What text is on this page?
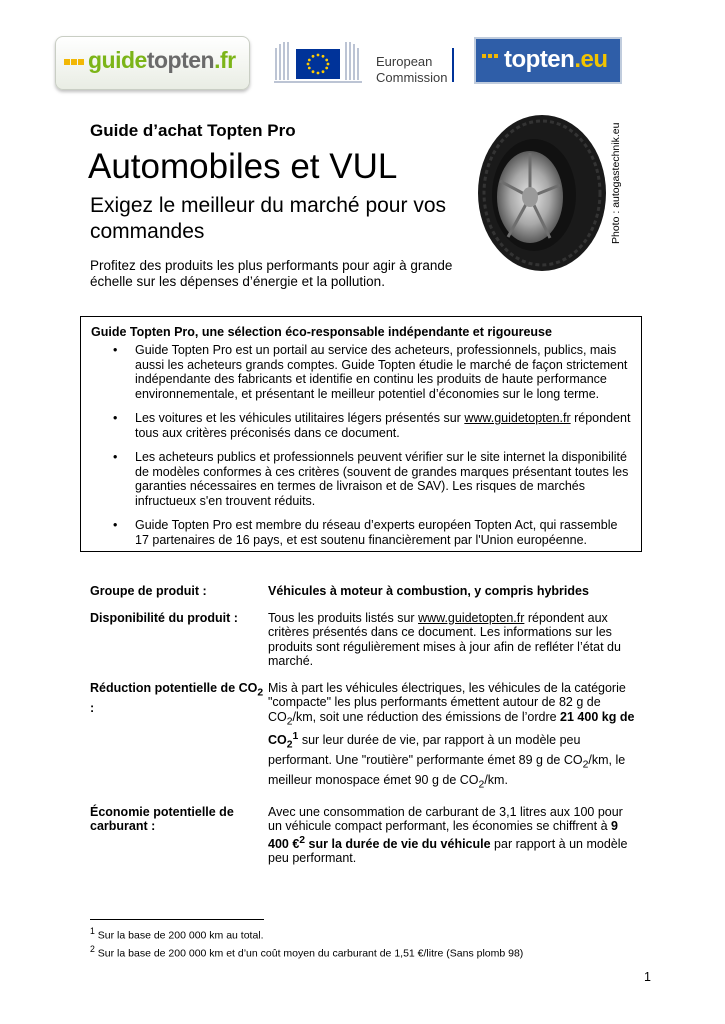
guidetopten.fr	European
Commission
topten.eu
Guide d’achat Topten Pro
Automobiles et VUL
Exigez le meilleur du marché pour vos commandes
Profitez des produits les plus performants pour agir à grande échelle sur les dépenses d’énergie et la pollution.
Photo : autogastechnik.eu
Guide Topten Pro, une sélection éco-responsable indépendante et rigoureuse
• Guide Topten Pro est un portail au service des acheteurs, professionnels, publics, mais aussi les acheteurs grands comptes. Guide Topten étudie le marché de façon strictement indépendante des fabricants et identifie en continu les produits de haute performance environnementale, et présentant le meilleur potentiel d’économies sur le long terme.
• Les voitures et les véhicules utilitaires légers présentés sur www.guidetopten.fr répondent tous aux critères préconisés dans ce document.
• Les acheteurs publics et professionnels peuvent vérifier sur le site internet la disponibilité de modèles conformes à ces critères (souvent de grandes marques présentant toutes les garanties nécessaires en termes de livraison et de SAV). Les risques de marchés infructueux s'en trouvent réduits.
• Guide Topten Pro est membre du réseau d’experts européen Topten Act, qui rassemble 17 partenaires de 16 pays, et est soutenu financièrement par l'Union européenne.
Groupe de produit :	Véhicules à moteur à combustion, y compris hybrides
Disponibilité du produit :	Tous les produits listés sur www.guidetopten.fr répondent aux critères présentés dans ce document. Les informations sur les produits sont régulièrement mises à jour afin de refléter l’état du marché.
Réduction potentielle de $CO_2$ :
Mis à part les véhicules électriques, les véhicules de la catégorie "compacte" les plus performants émettent autour de 82 g de $CO_2/km$, soit une réduction des émissions de l’ordre 21 400 kg de $CO_2^1$ sur leur durée de vie, par rapport à un modèle peu performant. Une "routière" performante émet 89 g de $CO_2/km$, le meilleur monospace émet 90 g de $CO_2/km$.
Économie potentielle de carburant :
Avec une consommation de carburant de 3,1 litres aux 100 pour un véhicule compact performant, les économies se chiffrent à 9 400 €$^2$ sur la durée de vie du véhicule par rapport à un modèle peu performant.
$^1$ Sur la base de 200 000 km au total.
$^2$ Sur la base de 200 000 km et d’un coût moyen du carburant de 1,51 €/litre (Sans plomb 98)
1
